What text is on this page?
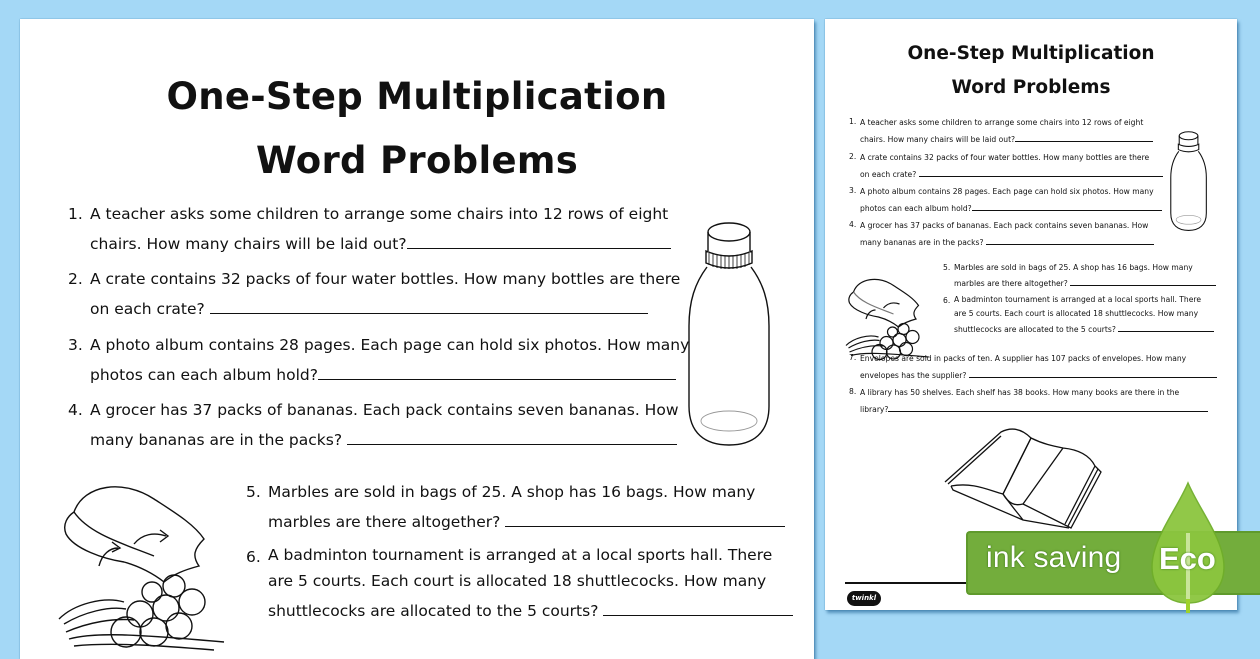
One-Step Multiplication
Word Problems
1. A teacher asks some children to arrange some chairs into 12 rows of eight
chairs. How many chairs will be laid out?
2. A crate contains 32 packs of four water bottles. How many bottles are there
on each crate?
3. A photo album contains 28 pages. Each page can hold six photos. How many
photos can each album hold?
4. A grocer has 37 packs of bananas. Each pack contains seven bananas. How
many bananas are in the packs?
5. Marbles are sold in bags of 25. A shop has 16 bags. How many
marbles are there altogether?
6. A badminton tournament is arranged at a local sports hall. There
are 5 courts. Each court is allocated 18 shuttlecocks. How many
shuttlecocks are allocated to the 5 courts?
One-Step Multiplication
Word Problems
1. A teacher asks some children to arrange some chairs into 12 rows of eight
chairs. How many chairs will be laid out?
2. A crate contains 32 packs of four water bottles. How many bottles are there
on each crate?
3. A photo album contains 28 pages. Each page can hold six photos. How many
photos can each album hold?
4. A grocer has 37 packs of bananas. Each pack contains seven bananas. How
many bananas are in the packs?
5. Marbles are sold in bags of 25. A shop has 16 bags. How many
marbles are there altogether?
6. A badminton tournament is arranged at a local sports hall. There
are 5 courts. Each court is allocated 18 shuttlecocks. How many
shuttlecocks are allocated to the 5 courts?
7. Envelopes are sold in packs of ten. A supplier has 107 packs of envelopes. How many
envelopes has the supplier?
8. A library has 50 shelves. Each shelf has 38 books. How many books are there in the
library?
twinkl
ink saving Eco
